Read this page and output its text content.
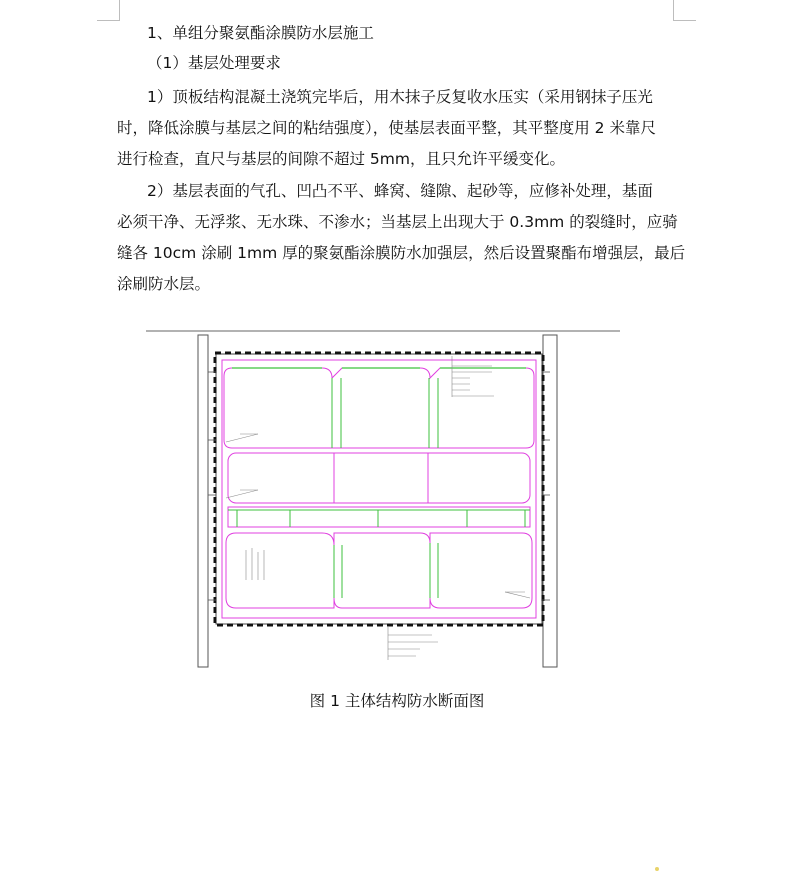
1、单组分聚氨酯涂膜防水层施工
（1）基层处理要求
1）顶板结构混凝土浇筑完毕后，用木抹子反复收水压实（采用钢抹子压光
时，降低涂膜与基层之间的粘结强度），使基层表面平整，其平整度用 2 米靠尺
进行检查，直尺与基层的间隙不超过 5mm，且只允许平缓变化。
2）基层表面的气孔、凹凸不平、蜂窝、缝隙、起砂等，应修补处理，基面
必须干净、无浮浆、无水珠、不渗水；当基层上出现大于 0.3mm 的裂缝时，应骑
缝各 10cm 涂刷 1mm 厚的聚氨酯涂膜防水加强层，然后设置聚酯布增强层，最后
涂刷防水层。
图 1 主体结构防水断面图
